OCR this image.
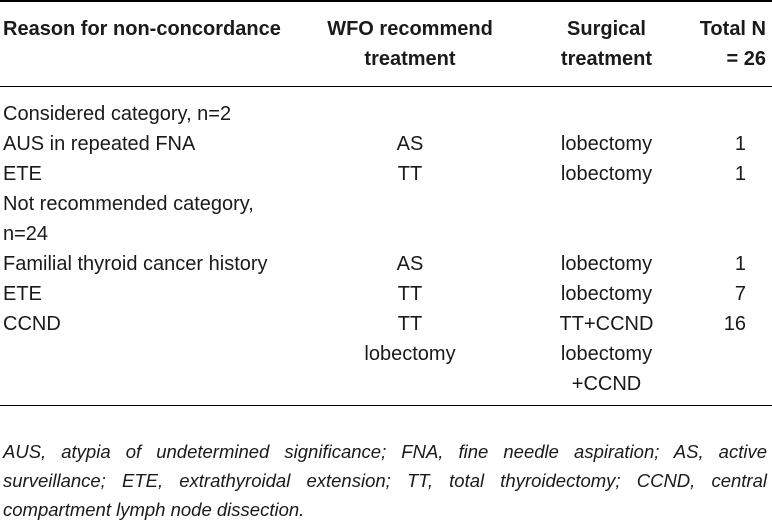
Reason for non-concordance	WFO recommend treatment	Surgical treatment	Total N = 26
Considered category, n=2			
AUS in repeated FNA	AS	lobectomy	1
ETE	TT	lobectomy	1
Not recommended category, n=24			
Familial thyroid cancer history	AS	lobectomy	1
ETE	TT	lobectomy	7
CCND	TT	TT+CCND	16
	lobectomy	lobectomy +CCND	
AUS, atypia of undetermined significance; FNA, fine needle aspiration; AS, active surveillance; ETE, extrathyroidal extension; TT, total thyroidectomy; CCND, central compartment lymph node dissection.
